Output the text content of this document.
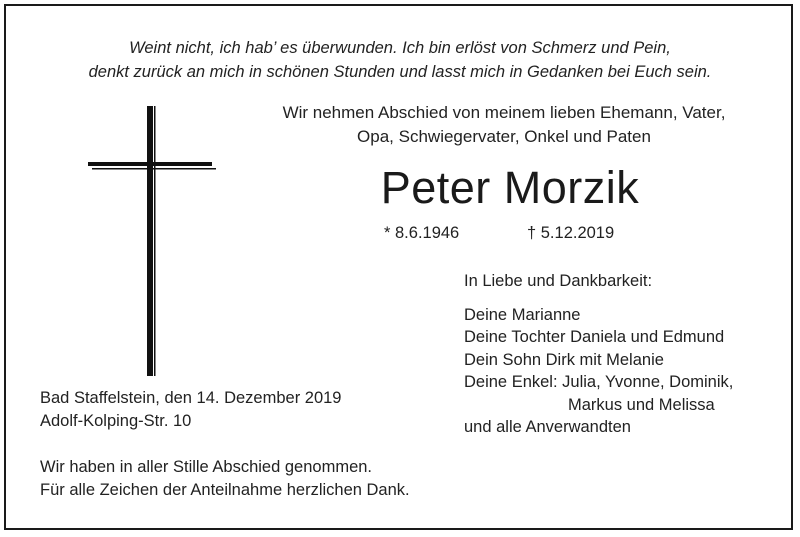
Weint nicht, ich hab’ es überwunden. Ich bin erlöst von Schmerz und Pein,
denkt zurück an mich in schönen Stunden und lasst mich in Gedanken bei Euch sein.
Wir nehmen Abschied von meinem lieben Ehemann, Vater,
Opa, Schwiegervater, Onkel und Paten
Peter Morzik
* 8.6.1946	† 5.12.2019
In Liebe und Dankbarkeit:
Deine Marianne
Deine Tochter Daniela und Edmund
Dein Sohn Dirk mit Melanie
Deine Enkel: Julia, Yvonne, Dominik,
Markus und Melissa
und alle Anverwandten
Bad Staffelstein, den 14. Dezember 2019
Adolf-Kolping-Str. 10
Wir haben in aller Stille Abschied genommen.
Für alle Zeichen der Anteilnahme herzlichen Dank.
